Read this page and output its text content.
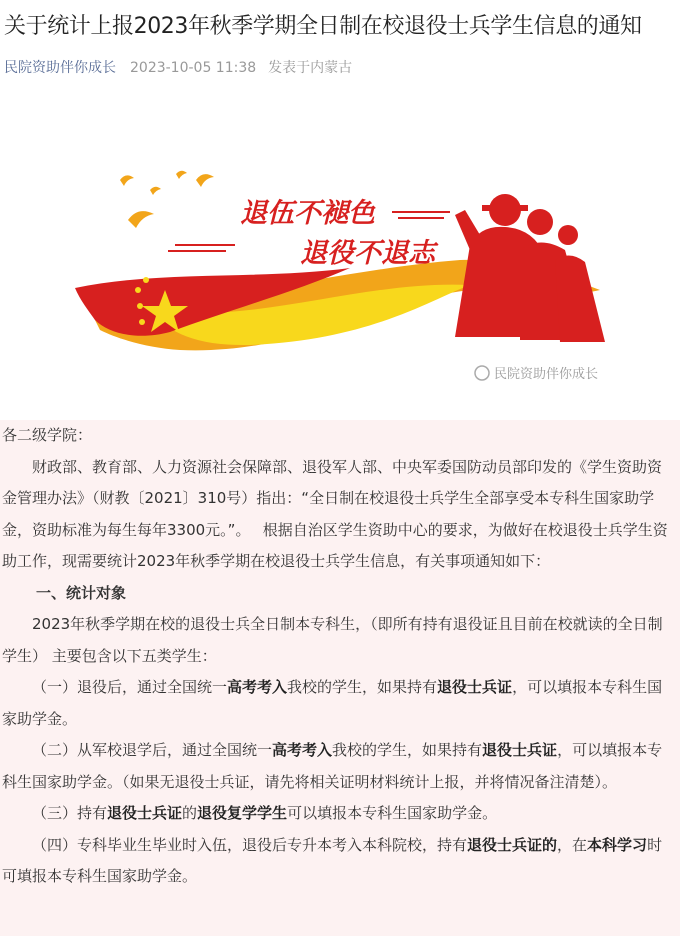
关于统计上报2023年秋季学期全日制在校退役士兵学生信息的通知
民院资助伴你成长 2023-10-05 11:38 发表于内蒙古
退伍不褪色
退役不退志
民院资助伴你成长

各二级学院：

财政部、教育部、人力资源社会保障部、退役军人部、中央军委国防动员部印发的《学生资助资金管理办法》（财教〔2021〕310号）指出：“全日制在校退役士兵学生全部享受本专科生国家助学金，资助标准为每生每年3300元。”。　 根据自治区学生资助中心的要求，为做好在校退役士兵学生资助工作，现需要统计2023年秋季学期在校退役士兵学生信息，有关事项通知如下：

一、统计对象

2023年秋季学期在校的退役士兵全日制本专科生，（即所有持有退役证且目前在校就读的全日制学生） 主要包含以下五类学生：

（一）退役后，通过全国统一高考考入我校的学生，如果持有退役士兵证，可以填报本专科生国家助学金。

（二）从军校退学后，通过全国统一高考考入我校的学生，如果持有退役士兵证，可以填报本专科生国家助学金。（如果无退役士兵证，请先将相关证明材料统计上报，并将情况备注清楚）。

（三）持有退役士兵证的退役复学学生可以填报本专科生国家助学金。

（四）专科毕业生毕业时入伍，退役后专升本考入本科院校，持有退役士兵证的，在本科学习时可填报本专科生国家助学金。
